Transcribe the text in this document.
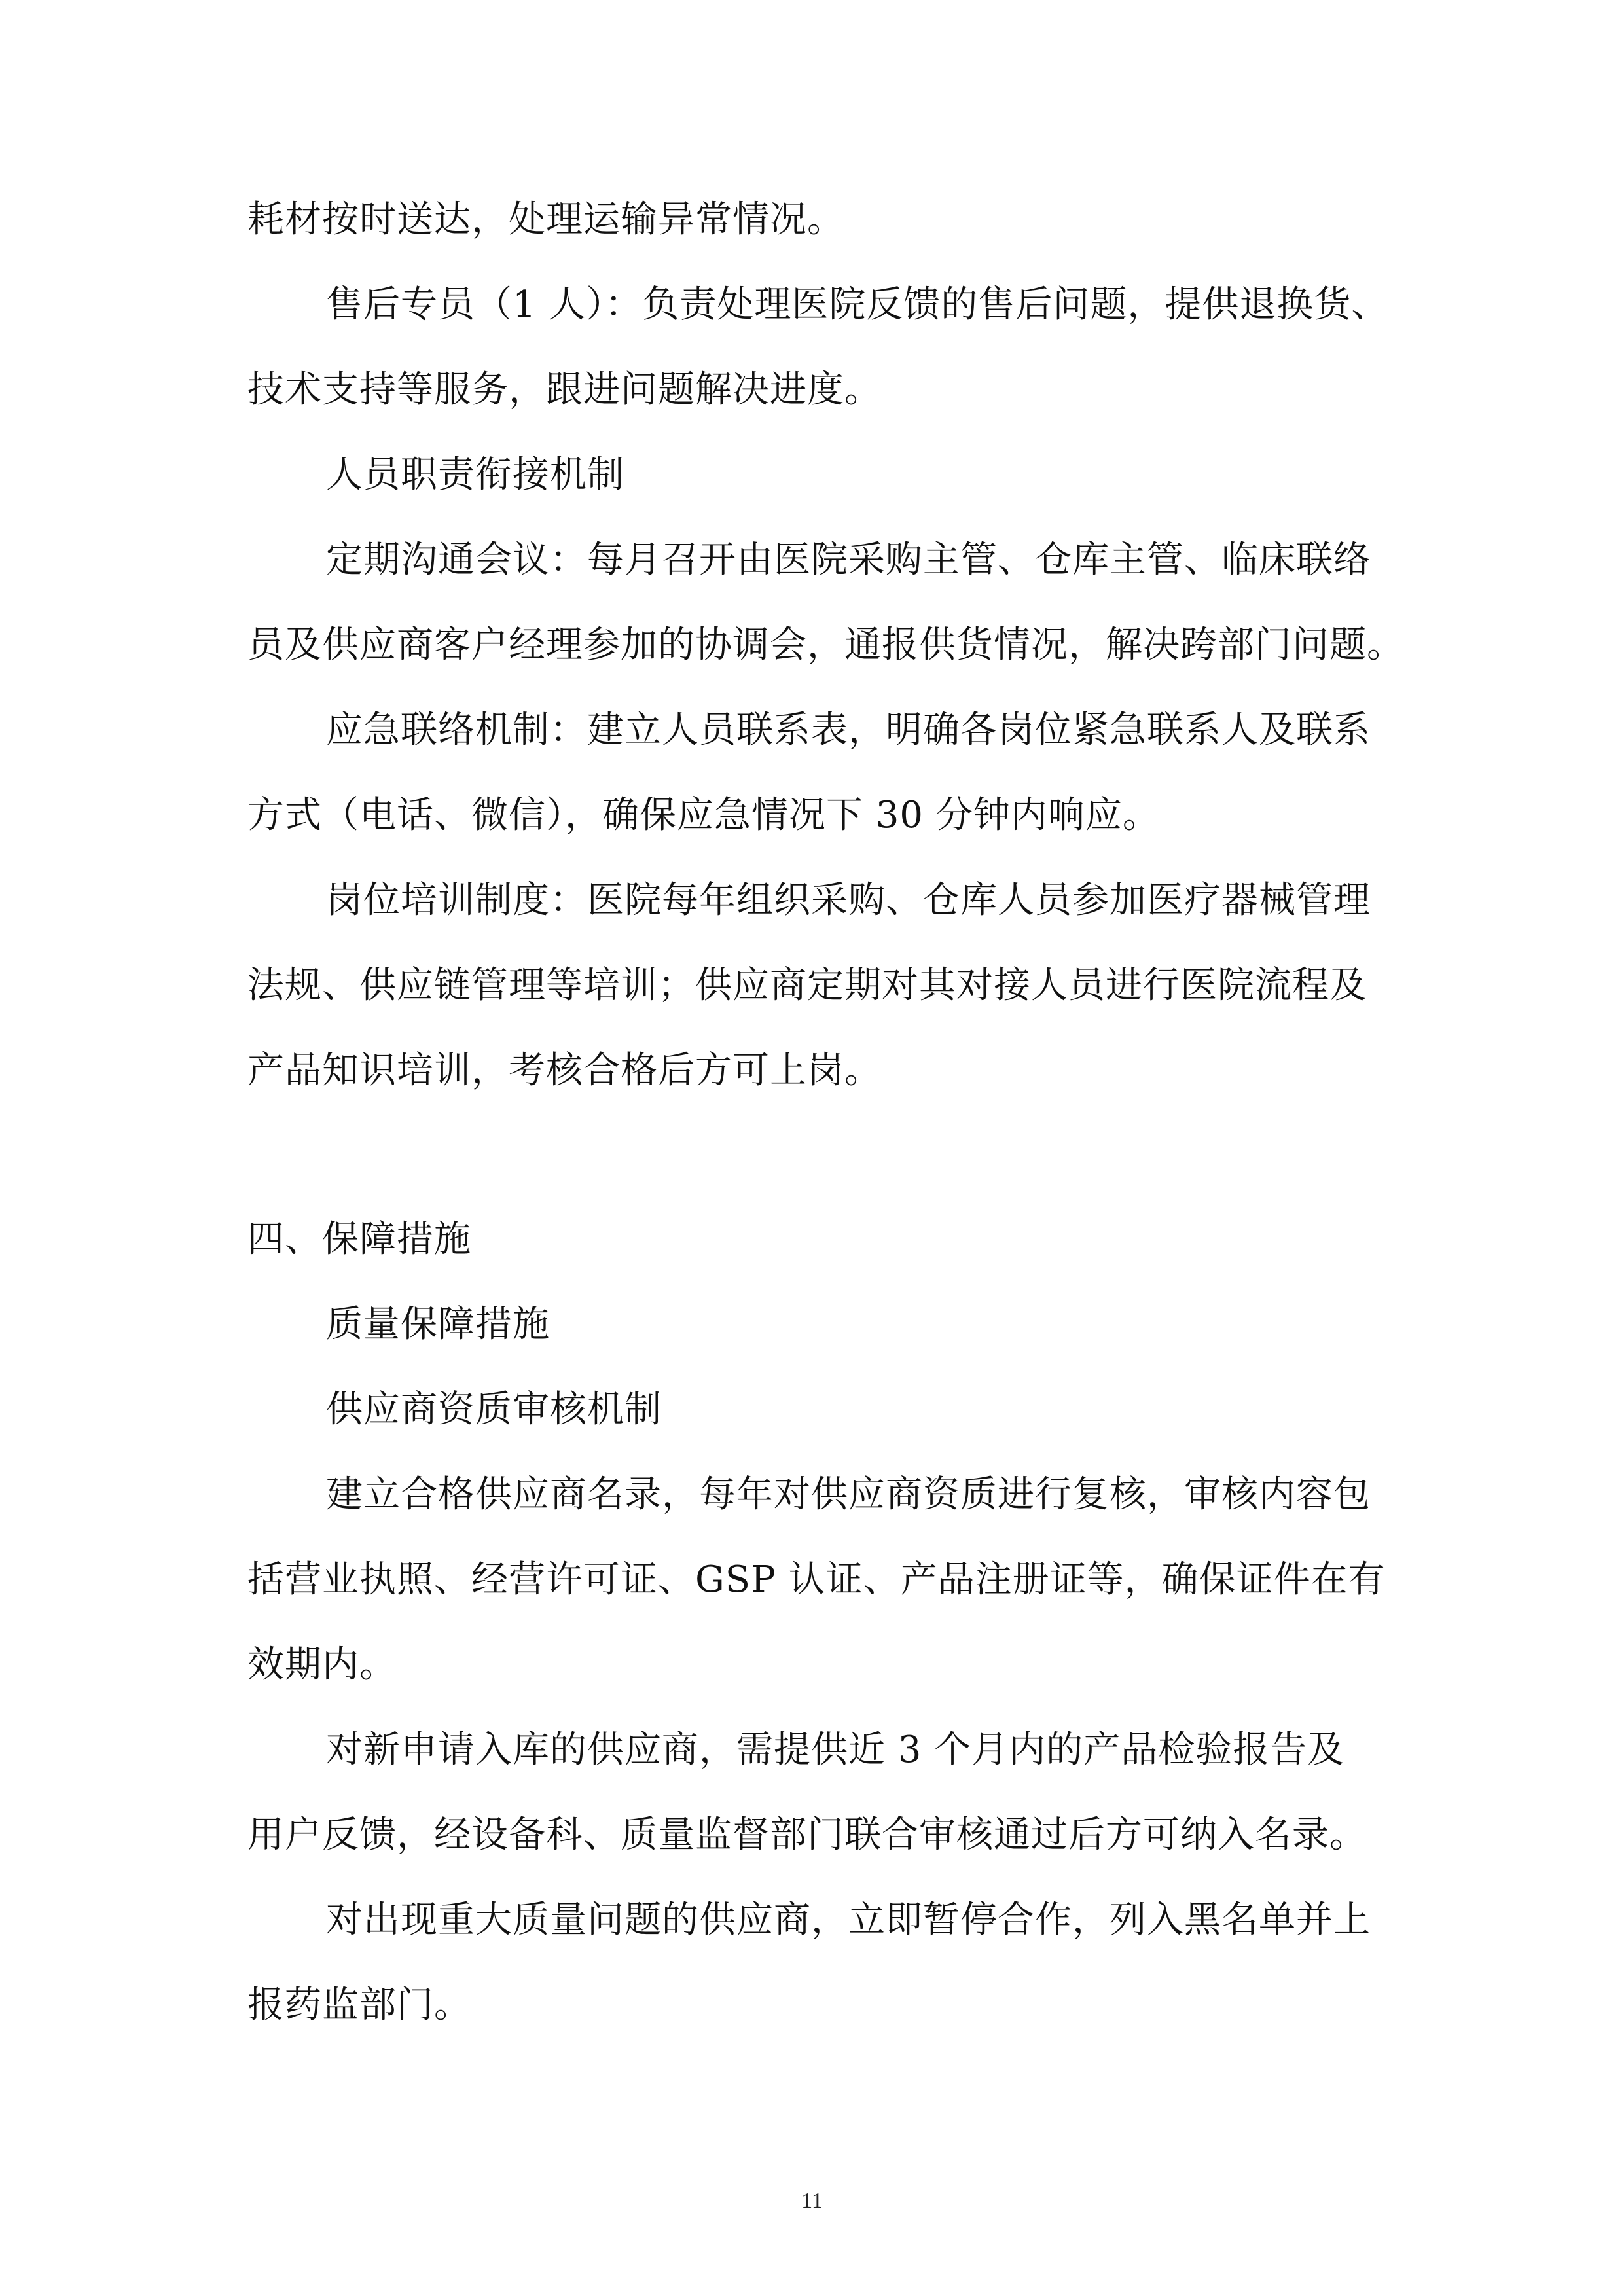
耗材按时送达，处理运输异常情况。

售后专员（1 人）：负责处理医院反馈的售后问题，提供退换货、

技术支持等服务，跟进问题解决进度。

人员职责衔接机制

定期沟通会议：每月召开由医院采购主管、仓库主管、临床联络

员及供应商客户经理参加的协调会，通报供货情况，解决跨部门问题。

应急联络机制：建立人员联系表，明确各岗位紧急联系人及联系

方式（电话、微信），确保应急情况下 30 分钟内响应。

岗位培训制度：医院每年组织采购、仓库人员参加医疗器械管理

法规、供应链管理等培训；供应商定期对其对接人员进行医院流程及

产品知识培训，考核合格后方可上岗。

四、保障措施

质量保障措施

供应商资质审核机制

建立合格供应商名录，每年对供应商资质进行复核，审核内容包

括营业执照、经营许可证、GSP 认证、产品注册证等，确保证件在有

效期内。

对新申请入库的供应商，需提供近 3 个月内的产品检验报告及

用户反馈，经设备科、质量监督部门联合审核通过后方可纳入名录。

对出现重大质量问题的供应商，立即暂停合作，列入黑名单并上

报药监部门。

11
